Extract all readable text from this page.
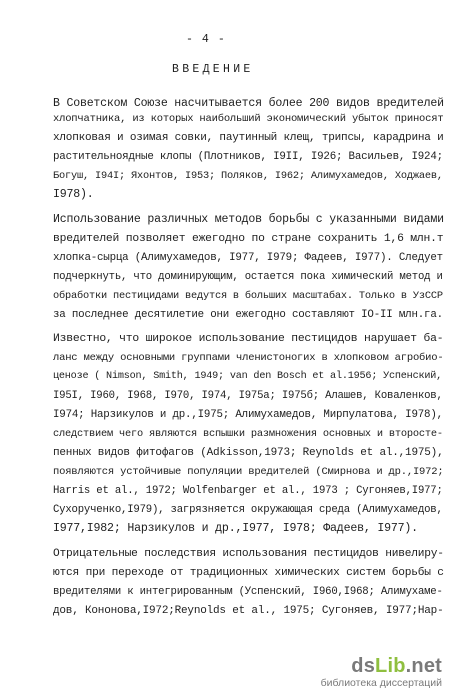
- 4 -
ВВЕДЕНИЕ
В Советском Союзе насчитывается более 200 видов вредителей
хлопчатника, из которых наибольший экономический убыток приносят
хлопковая и озимая совки, паутинный клещ, трипсы, карадрина и
растительноядные клопы (Плотников, I9II, I926; Васильев, I924;
Богуш, I94I; Яхонтов, I953; Поляков, I962; Алимухамедов, Ходжаев,
I978).
Использование различных методов борьбы с указанными видами
вредителей позволяет ежегодно по стране сохранить 1,6 млн.т
хлопка-сырца (Алимухамедов, I977, I979; Фадеев, I977). Следует
подчеркнуть, что доминирующим, остается пока химический метод и
обработки пестицидами ведутся в больших масштабах. Только в УзССР
за последнее десятилетие они ежегодно составляют IO-II млн.га.
Известно, что широкое использование пестицидов нарушает ба-
ланс между основными группами членистоногих в хлопковом агробио-
ценозе ( Nimson, Smith, 1949; van den Bosch et al.1956; Успенский,
I95I, I960, I968, I970, I974, I975а; I975б; Алашев, Коваленков,
I974; Нарзикулов и др.,I975; Алимухамедов, Мирпулатова, I978),
следствием чего являются вспышки размножения основных и второсте-
пенных видов фитофагов (Adkisson,1973; Reynolds et al.,1975),
появляются устойчивые популяции вредителей (Смирнова и др.,I972;
Harris et al., 1972; Wolfenbarger et al., 1973 ; Сугоняев,I977;
Сухорученко,I979), загрязняется окружающая среда (Алимухамедов,
I977,I982; Нарзикулов и др.,I977, I978; Фадеев, I977).
Отрицательные последствия использования пестицидов нивелиру-
ются при переходе от традиционных химических систем борьбы с
вредителями к интегрированным (Успенский, I960,I968; Алимухаме-
дов, Кононова,I972;Reynolds et al., 1975; Сугоняев, I977;Нар-
dsLib.net
библиотека диссертаций
